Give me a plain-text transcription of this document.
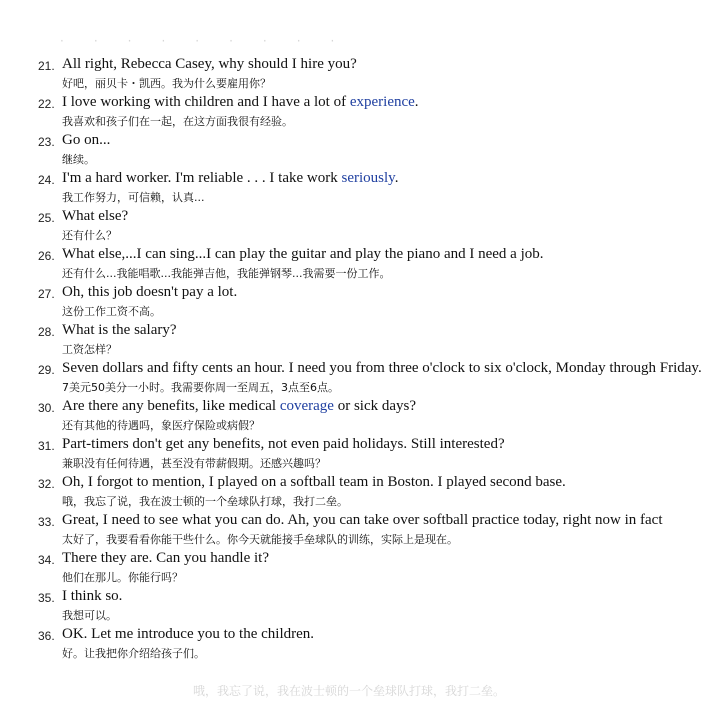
·········
21. All right, Rebecca Casey, why should I hire you?
好吧，丽贝卡・凯西。我为什么要雇用你？
22. I love working with children and I have a lot of experience.
我喜欢和孩子们在一起，在这方面我很有经验。
23. Go on...
继续。
24. I'm a hard worker. I'm reliable . . . I take work seriously.
我工作努力，可信赖，认真...
25. What else?
还有什么？
26. What else,...I can sing...I can play the guitar and play the piano and I need a job.
还有什么...我能唱歌...我能弹吉他，我能弹钢琴...我需要一份工作。
27. Oh, this job doesn't pay a lot.
这份工作工资不高。
28. What is the salary?
工资怎样？
29. Seven dollars and fifty cents an hour. I need you from three o'clock to six o'clock, Monday through Friday.
7美元50美分一小时。我需要你周一至周五，3点至6点。
30. Are there any benefits, like medical coverage or sick days?
还有其他的待遇吗，象医疗保险或病假？
31. Part-timers don't get any benefits, not even paid holidays. Still interested?
兼职没有任何待遇，甚至没有带薪假期。还感兴趣吗？
32. Oh, I forgot to mention, I played on a softball team in Boston. I played second base.
哦，我忘了说，我在波士顿的一个垒球队打球，我打二垒。
33. Great, I need to see what you can do. Ah, you can take over softball practice today, right now in fact
太好了，我要看看你能干些什么。你今天就能接手垒球队的训练，实际上是现在。
34. There they are. Can you handle it?
他们在那儿。你能行吗？
35. I think so.
我想可以。
36. OK. Let me introduce you to the children.
好。让我把你介绍给孩子们。
哦，我忘了说，我在波士顿的一个垒球队打球，我打二垒。
